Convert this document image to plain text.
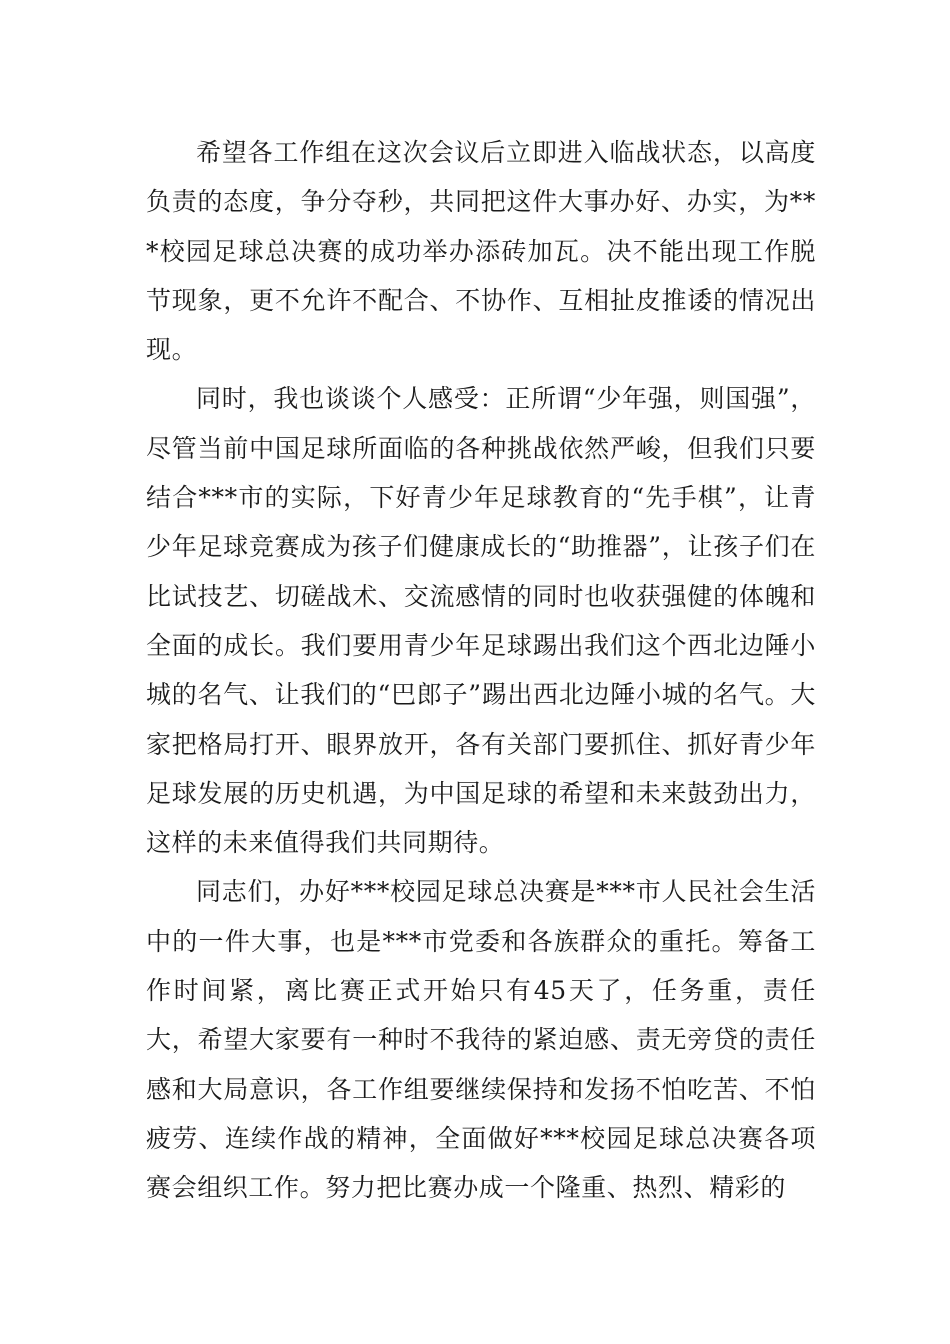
希望各工作组在这次会议后立即进入临战状态，以高度负责的态度，争分夺秒，共同把这件大事办好、办实，为***校园足球总决赛的成功举办添砖加瓦。决不能出现工作脱节现象，更不允许不配合、不协作、互相扯皮推诿的情况出现。

同时，我也谈谈个人感受：正所谓“少年强，则国强”，尽管当前中国足球所面临的各种挑战依然严峻，但我们只要结合***市的实际，下好青少年足球教育的“先手棋”，让青少年足球竞赛成为孩子们健康成长的“助推器”，让孩子们在比试技艺、切磋战术、交流感情的同时也收获强健的体魄和全面的成长。我们要用青少年足球踢出我们这个西北边陲小城的名气、让我们的“巴郎子”踢出西北边陲小城的名气。大家把格局打开、眼界放开，各有关部门要抓住、抓好青少年足球发展的历史机遇，为中国足球的希望和未来鼓劲出力，这样的未来值得我们共同期待。

同志们，办好***校园足球总决赛是***市人民社会生活中的一件大事，也是***市党委和各族群众的重托。筹备工作时间紧，离比赛正式开始只有45天了，任务重，责任大，希望大家要有一种时不我待的紧迫感、责无旁贷的责任感和大局意识，各工作组要继续保持和发扬不怕吃苦、不怕疲劳、连续作战的精神，全面做好***校园足球总决赛各项赛会组织工作。努力把比赛办成一个隆重、热烈、精彩的
